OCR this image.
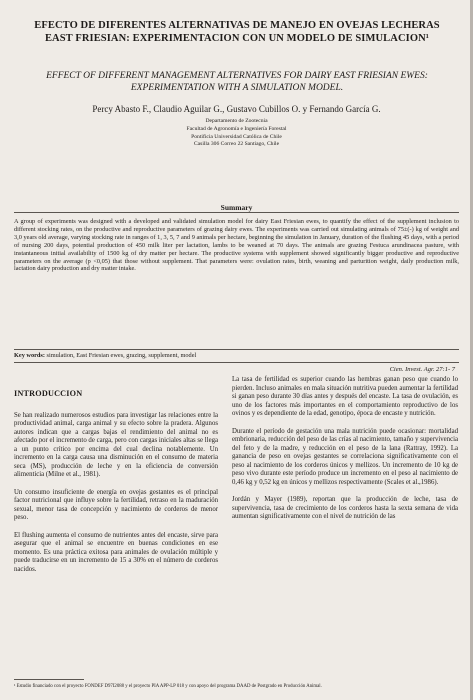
EFECTO DE DIFERENTES ALTERNATIVAS DE MANEJO EN OVEJAS LECHERAS EAST FRIESIAN: EXPERIMENTACION CON UN MODELO DE SIMULACION¹
EFFECT OF DIFFERENT MANAGEMENT ALTERNATIVES FOR DAIRY EAST FRIESIAN EWES: EXPERIMENTATION WITH A SIMULATION MODEL.
Percy Abasto F., Claudio Aguilar G., Gustavo Cubillos O. y Fernando García G.
Departamento de Zootecnia
Facultad de Agronomía e Ingeniería Forestal
Pontificia Universidad Católica de Chile
Casilla 306 Correo 22 Santiago, Chile
Summary
A group of experiments was designed with a developed and validated simulation model for dairy East Friesian ewes, to quantify the effect of the supplement inclusion to different stocking rates, on the productive and reproductive parameters of grazing dairy ewes. The experiments was carried out simulating animals of 75±(-) kg of weight and 3,0 years old average, varying stocking rate in ranges of 1, 3, 5, 7 and 9 animals per hectare, beginning the simulation in January, duration of the flushing 45 days, with a period of nursing 200 days, potential production of 450 milk liter per lactation, lambs to be weaned at 70 days. The animals are grazing Festuca arundinacea pasture, with instantaneous initial availability of 1500 kg of dry matter per hectare. The productive systems with supplement showed significantly bigger productive and reproductive parameters on the average (p <0,05) that those without supplement. That parameters were: ovulation rates, birth, weaning and parturition weight, daily production milk, lactation dairy production and dry matter intake.
Key words: simulation, East Friesian ewes, grazing, supplement, model
Cien. Invest. Agr. 27:1- 7
INTRODUCCION

Se han realizado numerosos estudios para investigar las relaciones entre la productividad animal, carga animal y su efecto sobre la pradera. Algunos autores indican que a cargas bajas el rendimiento del animal no es afectado por el incremento de carga, pero con cargas iniciales altas se llega a un punto crítico por encima del cual declina notablemente. Un incremento en la carga causa una disminución en el consumo de materia seca (MS), producción de leche y en la eficiencia de conversión alimenticia (Milne et al., 1981).

Un consumo insuficiente de energía en ovejas gestantes es el principal factor nutricional que influye sobre la fertilidad, retraso en la maduración sexual, menor tasa de concepción y nacimiento de corderos de menor peso.

El flushing aumenta el consumo de nutrientes antes del encaste, sirve para asegurar que el animal se encuentre en buenas condiciones en ese momento. Es una práctica exitosa para animales de ovulación múltiple y puede traducirse en un incremento de 15 a 30% en el número de corderos nacidos.

La tasa de fertilidad es superior cuando las hembras ganan peso que cuando lo pierden. Incluso animales en mala situación nutritiva pueden aumentar la fertilidad si ganan peso durante 30 días antes y después del encaste. La tasa de ovulación, es uno de los factores más importantes en el comportamiento reproductivo de los ovinos y es dependiente de la edad, genotipo, época de encaste y nutrición.

Durante el período de gestación una mala nutrición puede ocasionar: mortalidad embrionaria, reducción del peso de las crías al nacimiento, tamaño y supervivencia del feto y de la madre, y reducción en el peso de la lana (Rattray, 1992). La ganancia de peso en ovejas gestantes se correlaciona significativamente con el peso al nacimiento de los corderos únicos y mellizos. Un incremento de 10 kg de peso vivo durante este período produce un incremento en el peso al nacimiento de 0,46 kg y 0,52 kg en únicos y mellizos respectivamente (Scales et al.,1986).

Jordán y Mayer (1989), reportan que la producción de leche, tasa de supervivencia, tasa de crecimiento de los corderos hasta la sexta semana de vida aumentan significativamente con el nivel de nutrición de las

¹ Estudio financiado con el proyecto FONDEF D97I2088 y el proyecto PIA APP-LP 018 y con apoyo del programa DAAD de Postgrado en Producción Animal.
